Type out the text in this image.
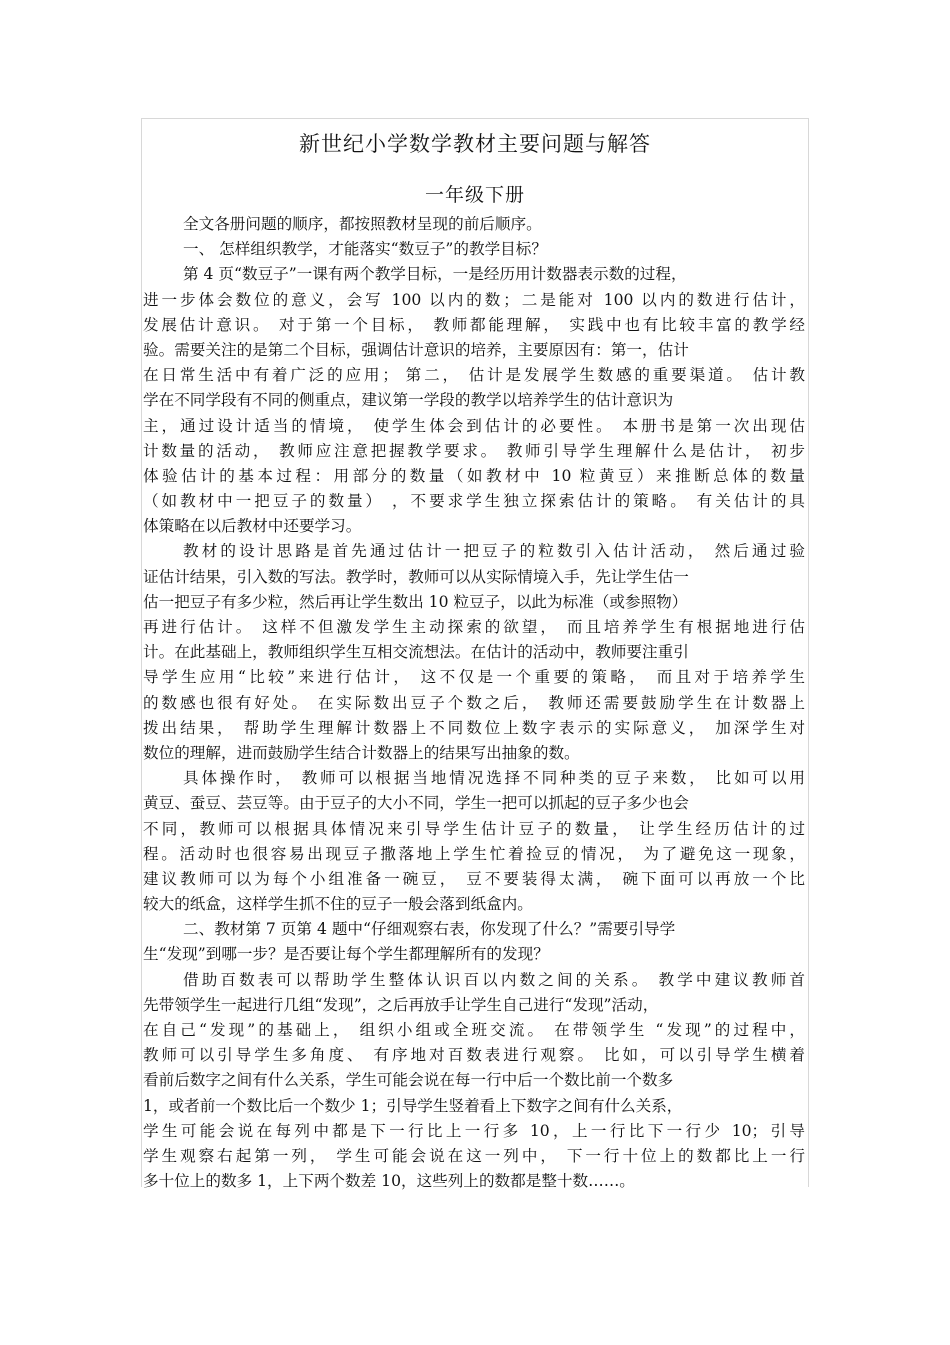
新世纪小学数学教材主要问题与解答
一年级下册
全文各册问题的顺序，都按照教材呈现的前后顺序。
一、 怎样组织教学，才能落实“数豆子”的教学目标？
第 4 页“数豆子”一课有两个教学目标，一是经历用计数器表示数的过程，
进一步体会数位的意义，会写 100 以内的数；二是能对 100 以内的数进行估计，
发展估计意识。 对于第一个目标， 教师都能理解， 实践中也有比较丰富的教学经
验。需要关注的是第二个目标，强调估计意识的培养，主要原因有：第一，估计
在日常生活中有着广泛的应用； 第二， 估计是发展学生数感的重要渠道。 估计教
学在不同学段有不同的侧重点，建议第一学段的教学以培养学生的估计意识为
主，通过设计适当的情境， 使学生体会到估计的必要性。 本册书是第一次出现估
计数量的活动， 教师应注意把握教学要求。 教师引导学生理解什么是估计， 初步
体验估计的基本过程：用部分的数量（如教材中 10 粒黄豆）来推断总体的数量
（如教材中一把豆子的数量） ，不要求学生独立探索估计的策略。 有关估计的具
体策略在以后教材中还要学习。
教材的设计思路是首先通过估计一把豆子的粒数引入估计活动， 然后通过验
证估计结果，引入数的写法。教学时，教师可以从实际情境入手，先让学生估一
估一把豆子有多少粒，然后再让学生数出 10 粒豆子，以此为标准（或参照物）
再进行估计。 这样不但激发学生主动探索的欲望， 而且培养学生有根据地进行估
计。在此基础上，教师组织学生互相交流想法。在估计的活动中，教师要注重引
导学生应用“比较”来进行估计， 这不仅是一个重要的策略， 而且对于培养学生
的数感也很有好处。 在实际数出豆子个数之后， 教师还需要鼓励学生在计数器上
拨出结果， 帮助学生理解计数器上不同数位上数字表示的实际意义， 加深学生对
数位的理解，进而鼓励学生结合计数器上的结果写出抽象的数。
具体操作时， 教师可以根据当地情况选择不同种类的豆子来数， 比如可以用
黄豆、蚕豆、芸豆等。由于豆子的大小不同，学生一把可以抓起的豆子多少也会
不同，教师可以根据具体情况来引导学生估计豆子的数量， 让学生经历估计的过
程。活动时也很容易出现豆子撒落地上学生忙着捡豆的情况， 为了避免这一现象，
建议教师可以为每个小组准备一碗豆， 豆不要装得太满， 碗下面可以再放一个比
较大的纸盒，这样学生抓不住的豆子一般会落到纸盒内。
二、教材第 7 页第 4 题中“仔细观察右表，你发现了什么？”需要引导学
生“发现”到哪一步？是否要让每个学生都理解所有的发现？
借助百数表可以帮助学生整体认识百以内数之间的关系。 教学中建议教师首
先带领学生一起进行几组“发现”，之后再放手让学生自己进行“发现”活动，
在自己“发现”的基础上， 组织小组或全班交流。 在带领学生 “发现”的过程中，
教师可以引导学生多角度、 有序地对百数表进行观察。 比如，可以引导学生横着
看前后数字之间有什么关系，学生可能会说在每一行中后一个数比前一个数多
1，或者前一个数比后一个数少 1；引导学生竖着看上下数字之间有什么关系，
学生可能会说在每列中都是下一行比上一行多 10，上一行比下一行少 10；引导
学生观察右起第一列， 学生可能会说在这一列中， 下一行十位上的数都比上一行
多十位上的数多 1，上下两个数差 10，这些列上的数都是整十数……。
